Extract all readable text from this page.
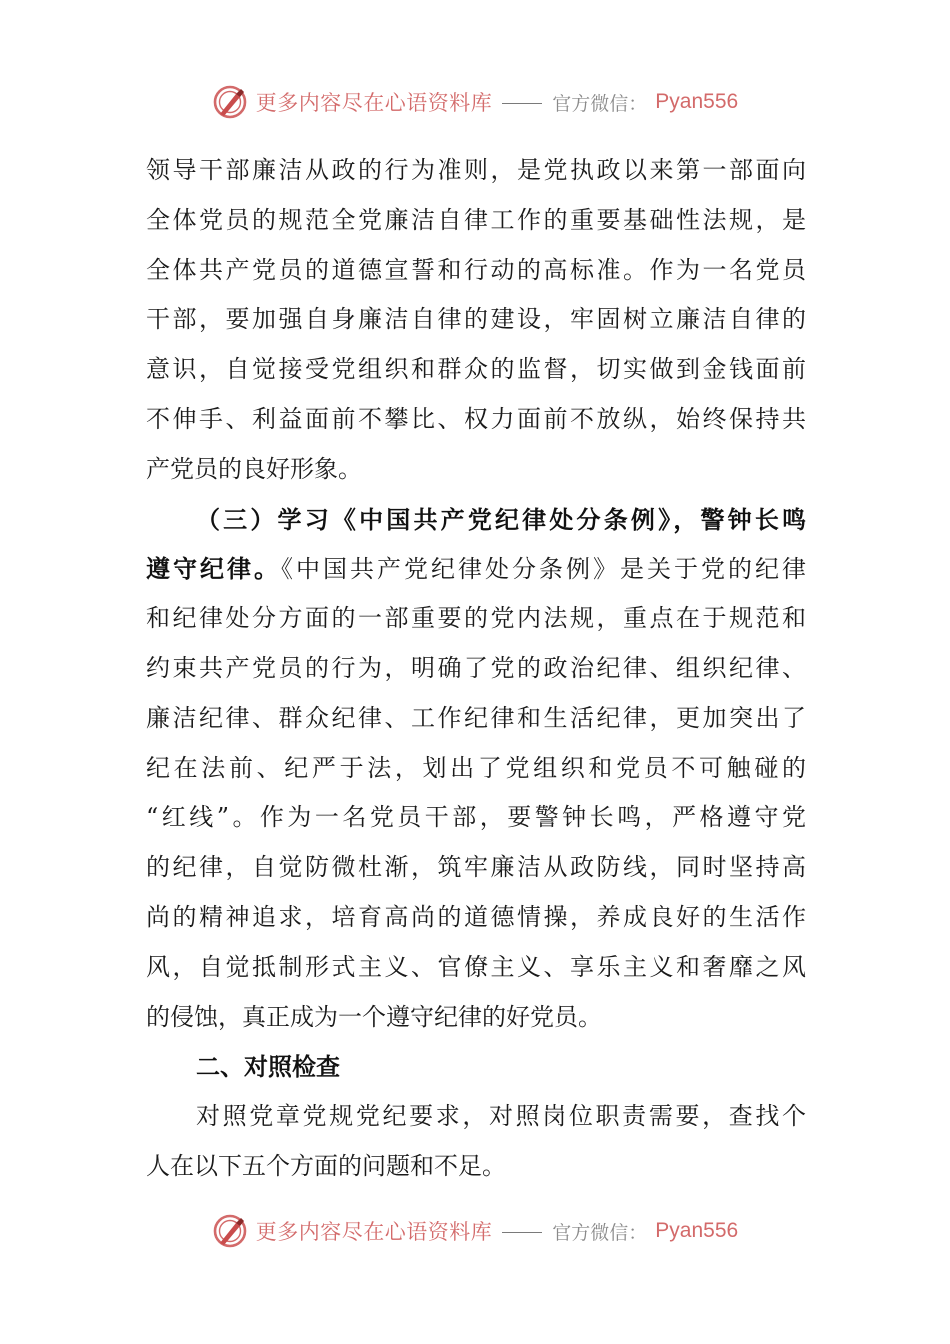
更多内容尽在心语资料库	官方微信： Pyan556
领导干部廉洁从政的行为准则，是党执政以来第一部面向
全体党员的规范全党廉洁自律工作的重要基础性法规，是
全体共产党员的道德宣誓和行动的高标准。作为一名党员
干部，要加强自身廉洁自律的建设，牢固树立廉洁自律的
意识，自觉接受党组织和群众的监督，切实做到金钱面前
不伸手、利益面前不攀比、权力面前不放纵，始终保持共
产党员的良好形象。
（三）学习《中国共产党纪律处分条例》，警钟长鸣
遵守纪律。《中国共产党纪律处分条例》是关于党的纪律
和纪律处分方面的一部重要的党内法规，重点在于规范和
约束共产党员的行为，明确了党的政治纪律、组织纪律、
廉洁纪律、群众纪律、工作纪律和生活纪律，更加突出了
纪在法前、纪严于法，划出了党组织和党员不可触碰的
“红线”。作为一名党员干部，要警钟长鸣，严格遵守党
的纪律，自觉防微杜渐，筑牢廉洁从政防线，同时坚持高
尚的精神追求，培育高尚的道德情操，养成良好的生活作
风，自觉抵制形式主义、官僚主义、享乐主义和奢靡之风
的侵蚀，真正成为一个遵守纪律的好党员。
二、对照检查
对照党章党规党纪要求，对照岗位职责需要，查找个
人在以下五个方面的问题和不足。
更多内容尽在心语资料库	官方微信： Pyan556
